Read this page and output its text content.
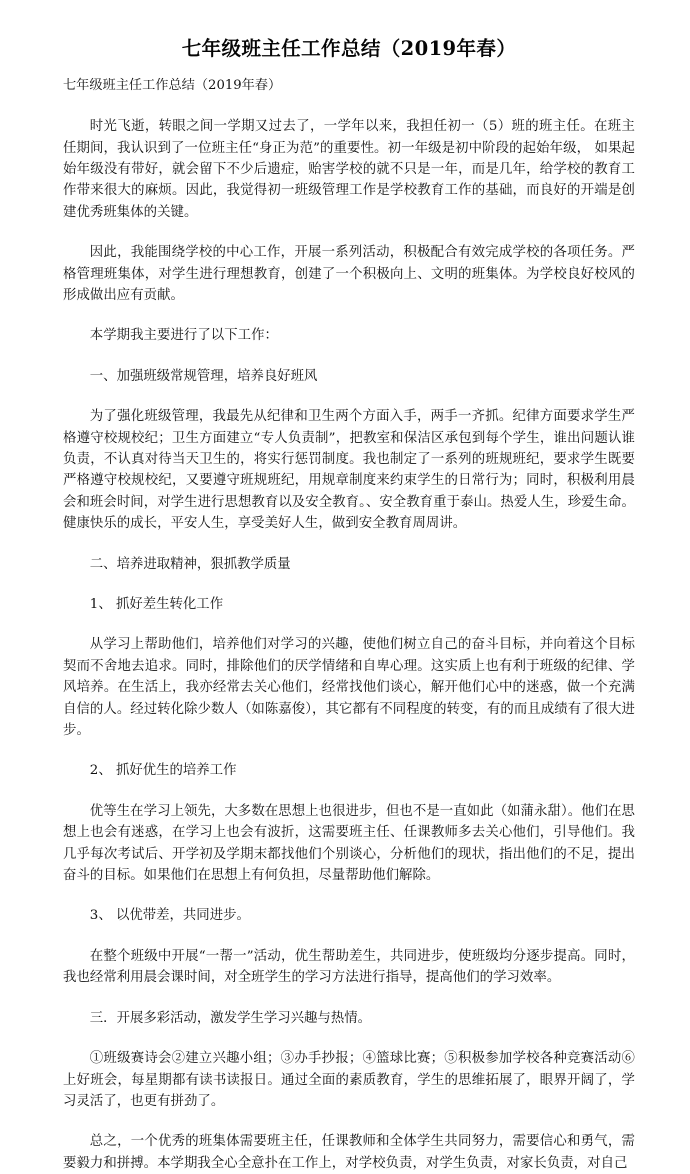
七年级班主任工作总结（2019年春）
七年级班主任工作总结（2019年春）

时光飞逝，转眼之间一学期又过去了，一学年以来，我担任初一（5）班的班主任。在班主任期间，我认识到了一位班主任“身正为范”的重要性。初一年级是初中阶段的起始年级， 如果起始年级没有带好，就会留下不少后遗症，贻害学校的就不只是一年，而是几年，给学校的教育工作带来很大的麻烦。因此，我觉得初一班级管理工作是学校教育工作的基础，而良好的开端是创建优秀班集体的关键。

因此，我能围绕学校的中心工作，开展一系列活动，积极配合有效完成学校的各项任务。严格管理班集体，对学生进行理想教育，创建了一个积极向上、文明的班集体。为学校良好校风的形成做出应有贡献。

本学期我主要进行了以下工作：

一、加强班级常规管理，培养良好班风

为了强化班级管理，我最先从纪律和卫生两个方面入手，两手一齐抓。纪律方面要求学生严格遵守校规校纪；卫生方面建立“专人负责制”，把教室和保洁区承包到每个学生，谁出问题认谁负责，不认真对待当天卫生的，将实行惩罚制度。我也制定了一系列的班规班纪，要求学生既要严格遵守校规校纪，又要遵守班规班纪，用规章制度来约束学生的日常行为；同时，积极利用晨会和班会时间，对学生进行思想教育以及安全教育。、安全教育重于泰山。热爱人生，珍爱生命。健康快乐的成长，平安人生，享受美好人生，做到安全教育周周讲。

二、培养进取精神，狠抓教学质量

1、 抓好差生转化工作

从学习上帮助他们，培养他们对学习的兴趣，使他们树立自己的奋斗目标，并向着这个目标契而不舍地去追求。同时，排除他们的厌学情绪和自卑心理。这实质上也有利于班级的纪律、学风培养。在生活上，我亦经常去关心他们，经常找他们谈心，解开他们心中的迷惑，做一个充满自信的人。经过转化除少数人（如陈嘉俊），其它都有不同程度的转变，有的而且成绩有了很大进步。

2、 抓好优生的培养工作

优等生在学习上领先，大多数在思想上也很进步，但也不是一直如此（如蒲永甜）。他们在思想上也会有迷惑，在学习上也会有波折，这需要班主任、任课教师多去关心他们，引导他们。我几乎每次考试后、开学初及学期末都找他们个别谈心，分析他们的现状，指出他们的不足，提出奋斗的目标。如果他们在思想上有何负担，尽量帮助他们解除。

3、 以优带差，共同进步。

在整个班级中开展“一帮一”活动，优生帮助差生，共同进步，使班级均分逐步提高。同时，我也经常利用晨会课时间，对全班学生的学习方法进行指导，提高他们的学习效率。

三．开展多彩活动，激发学生学习兴趣与热情。

①班级赛诗会②建立兴趣小组；③办手抄报；④篮球比赛；⑤积极参加学校各种竞赛活动⑥上好班会，每星期都有读书读报日。通过全面的素质教育，学生的思维拓展了，眼界开阔了，学习灵活了，也更有拼劲了。

总之，一个优秀的班集体需要班主任，任课教师和全体学生共同努力，需要信心和勇气，需要毅力和拼搏。本学期我全心全意扑在工作上，对学校负责，对学生负责，对家长负责，对自己
